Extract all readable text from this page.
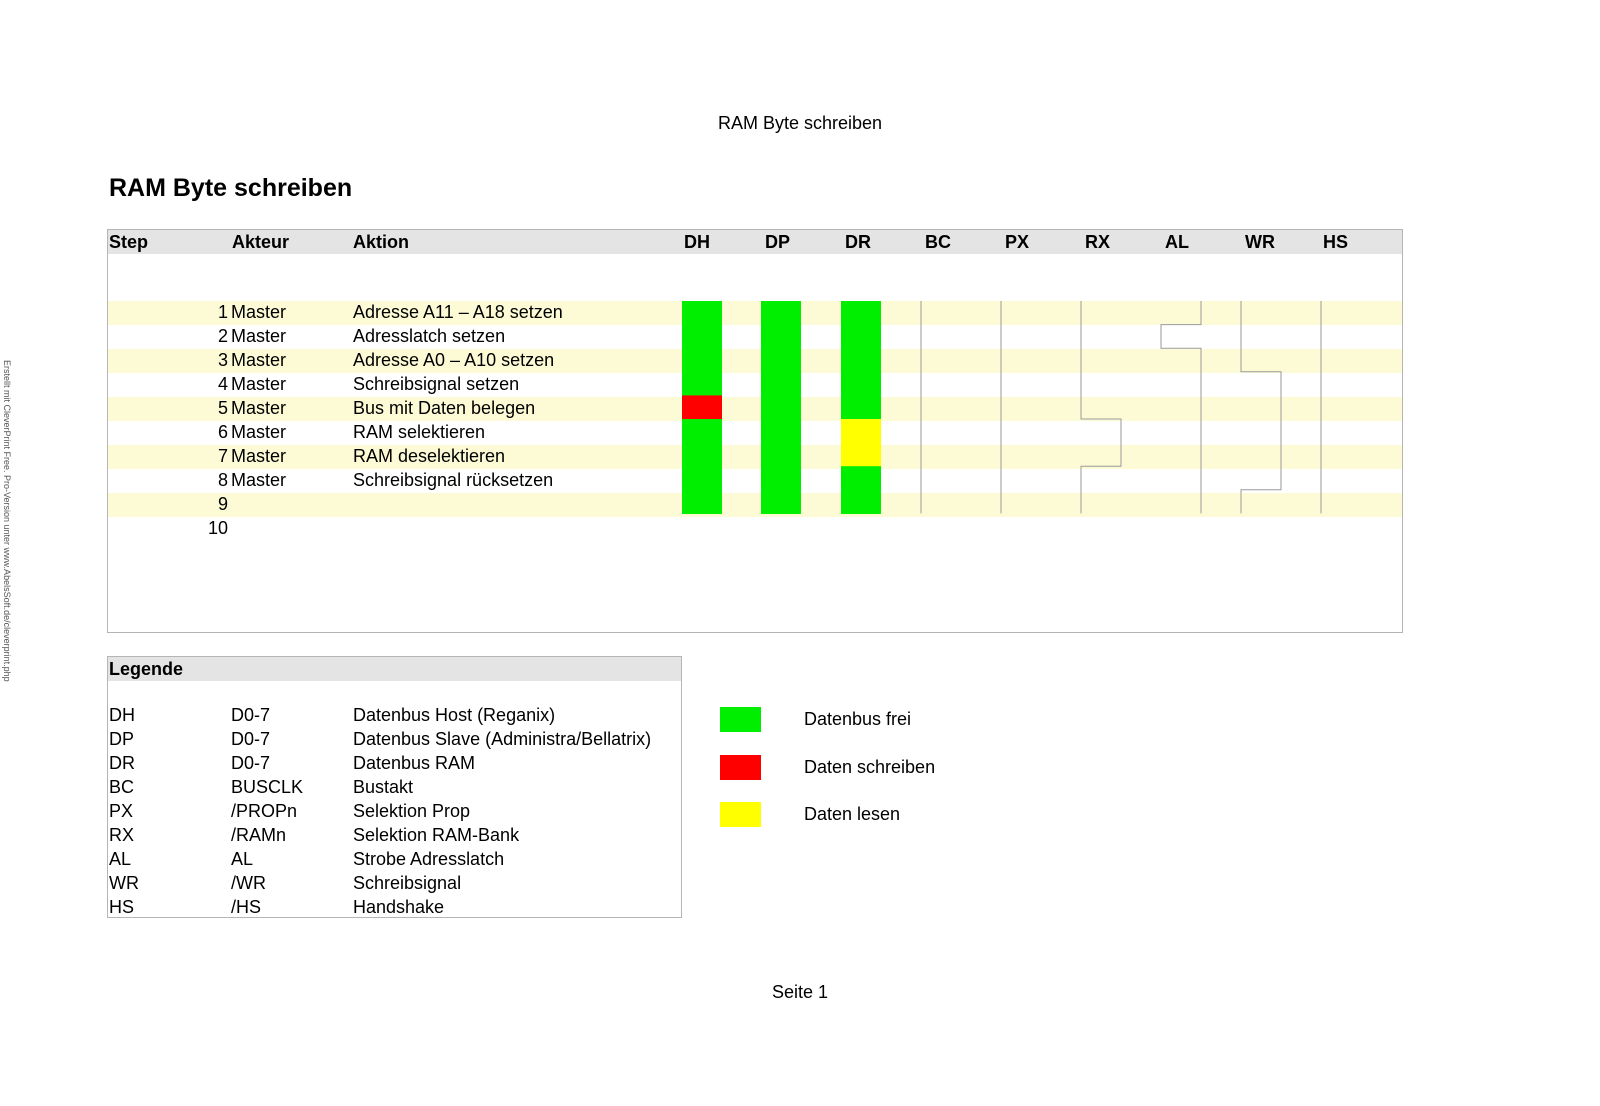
RAM Byte schreiben
Erstellt mit CleverPrint Free. Pro-Version unter www.AbelsSoft.de/cleverprint.php
RAM Byte schreiben
Step	Akteur	Aktion	DH	DP	DR	BC	PX	RX	AL	WR	HS
1 Master	Adresse A11 – A18 setzen
2 Master	Adresslatch setzen
3 Master	Adresse A0 – A10 setzen
4 Master	Schreibsignal setzen
5 Master	Bus mit Daten belegen
6 Master	RAM selektieren
7 Master	RAM deselektieren
8 Master	Schreibsignal rücksetzen
9
10
Legende
DH	D0-7	Datenbus Host (Reganix)
DP	D0-7	Datenbus Slave (Administra/Bellatrix)
DR	D0-7	Datenbus RAM
BC	BUSCLK	Bustakt
PX	/PROPn	Selektion Prop
RX	/RAMn	Selektion RAM-Bank
AL	AL	Strobe Adresslatch
WR	/WR	Schreibsignal
HS	/HS	Handshake
Datenbus frei
Daten schreiben
Daten lesen
Seite 1
